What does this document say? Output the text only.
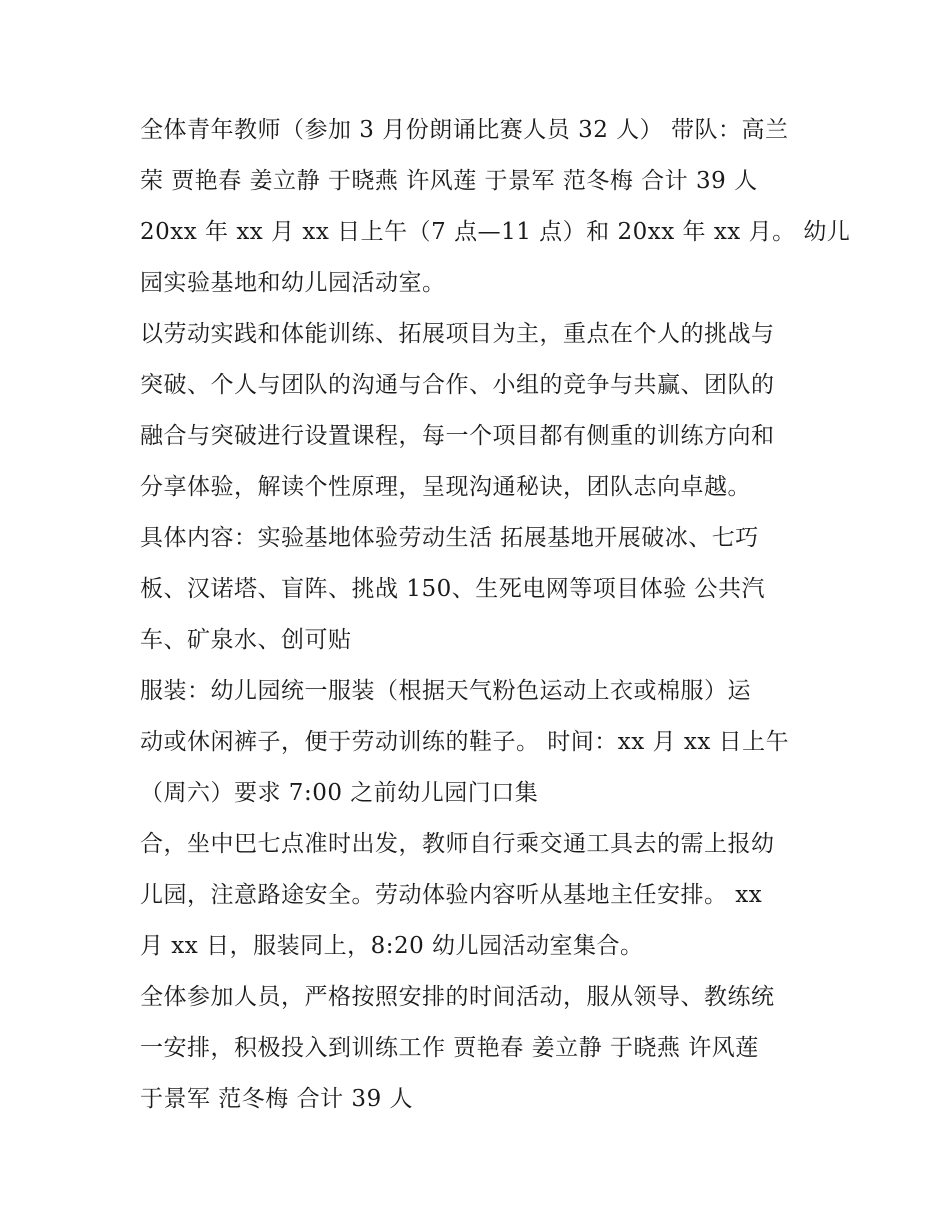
全体青年教师（参加 3 月份朗诵比赛人员 32 人） 带队：高兰
荣 贾艳春 姜立静 于晓燕 许风莲 于景军 范冬梅 合计 39 人
20xx 年 xx 月 xx 日上午（7 点—11 点）和 20xx 年 xx 月。 幼儿
园实验基地和幼儿园活动室。
以劳动实践和体能训练、拓展项目为主，重点在个人的挑战与
突破、个人与团队的沟通与合作、小组的竞争与共赢、团队的
融合与突破进行设置课程，每一个项目都有侧重的训练方向和
分享体验，解读个性原理，呈现沟通秘诀，团队志向卓越。
具体内容：实验基地体验劳动生活 拓展基地开展破冰、七巧
板、汉诺塔、盲阵、挑战 150、生死电网等项目体验 公共汽
车、矿泉水、创可贴
服装：幼儿园统一服装（根据天气粉色运动上衣或棉服）运
动或休闲裤子，便于劳动训练的鞋子。 时间：xx 月 xx 日上午
（周六）要求 7:00 之前幼儿园门口集
合，坐中巴七点准时出发，教师自行乘交通工具去的需上报幼
儿园，注意路途安全。劳动体验内容听从基地主任安排。 xx
月 xx 日，服装同上，8:20 幼儿园活动室集合。
全体参加人员，严格按照安排的时间活动，服从领导、教练统
一安排，积极投入到训练工作 贾艳春 姜立静 于晓燕 许风莲
于景军 范冬梅 合计 39 人
